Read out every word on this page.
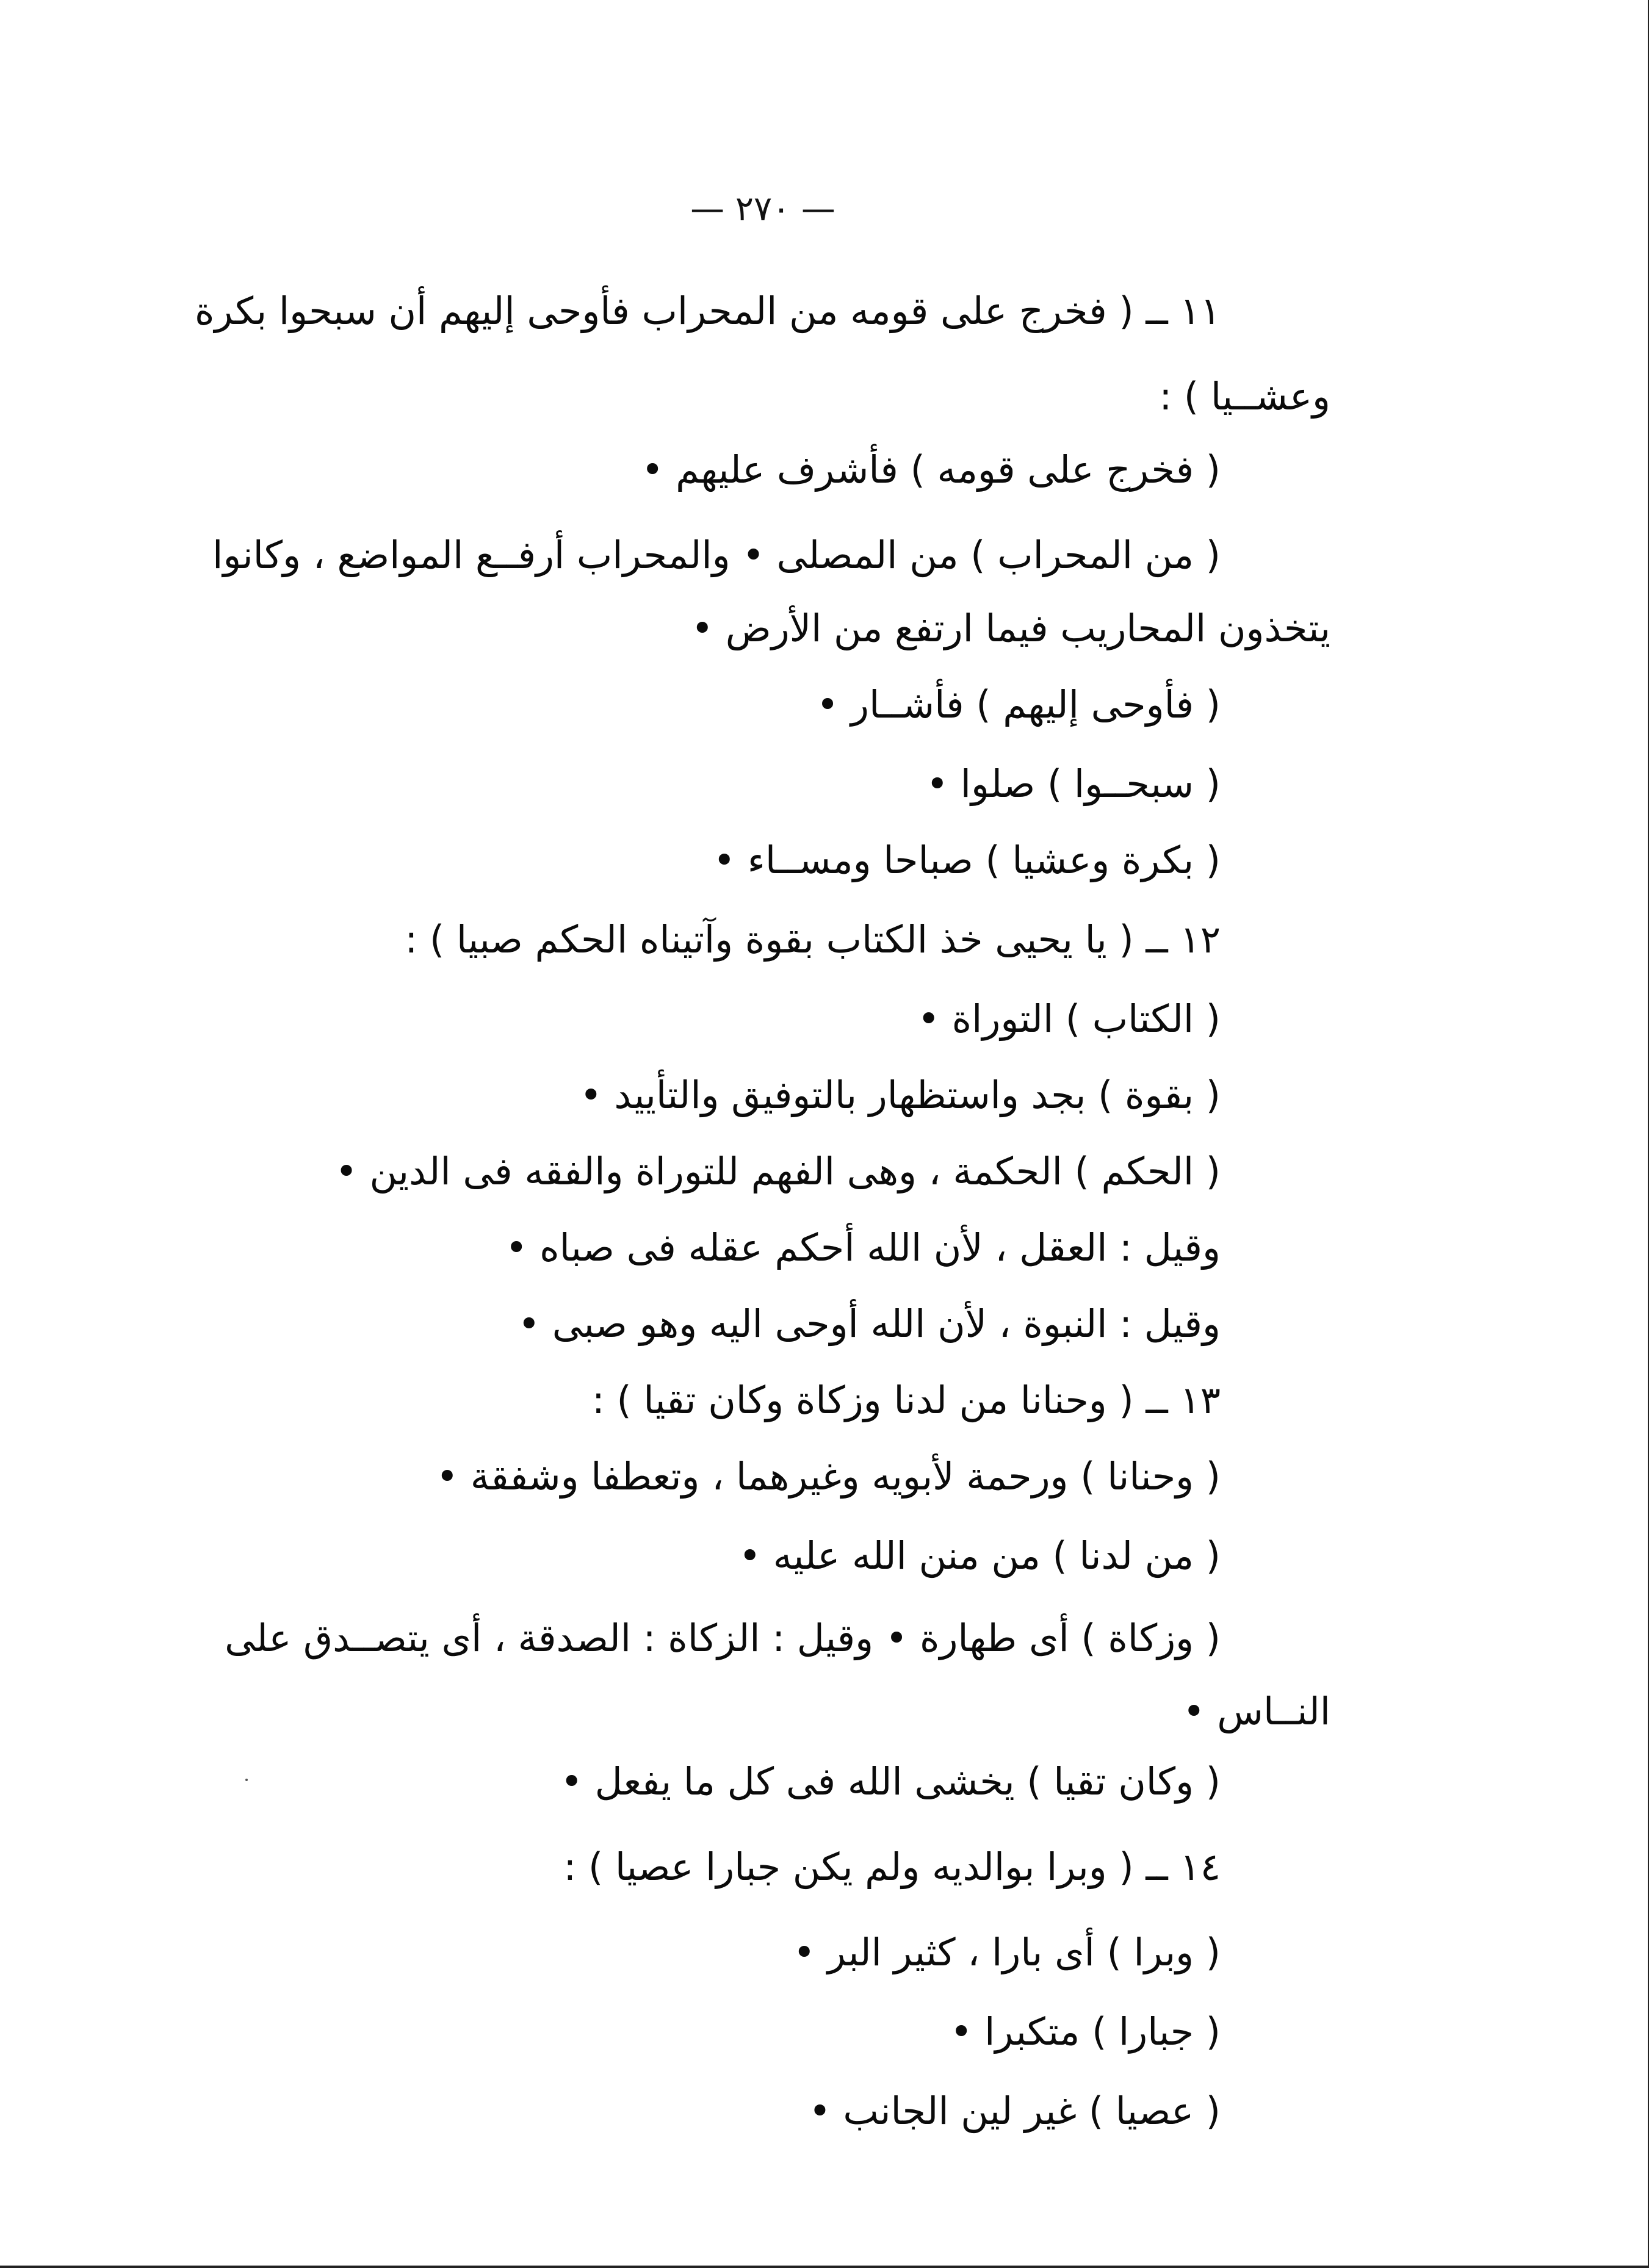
— ٢٧٠ —
١١ ــ ( فخرج على قومه من المحراب فأوحى إليهم أن سبحوا بكرة
وعشــيا ) :
( فخرج على قومه ) فأشرف عليهم •
( من المحراب ) من المصلى • والمحراب أرفــع المواضع ، وكانوا
يتخذون المحاريب فيما ارتفع من الأرض •
( فأوحى إليهم ) فأشــار •
( سبحــوا ) صلوا •
( بكرة وعشيا ) صباحا ومســاء •
١٢ ــ ( يا يحيى خذ الكتاب بقوة وآتيناه الحكم صبيا ) :
( الكتاب ) التوراة •
( بقوة ) بجد واستظهار بالتوفيق والتأييد •
( الحكم ) الحكمة ، وهى الفهم للتوراة والفقه فى الدين •
وقيل : العقل ، لأن الله أحكم عقله فى صباه •
وقيل : النبوة ، لأن الله أوحى اليه وهو صبى •
١٣ ــ ( وحنانا من لدنا وزكاة وكان تقيا ) :
( وحنانا ) ورحمة لأبويه وغيرهما ، وتعطفا وشفقة •
( من لدنا ) من منن الله عليه •
( وزكاة ) أى طهارة • وقيل : الزكاة : الصدقة ، أى يتصــدق على
النــاس •
( وكان تقيا ) يخشى الله فى كل ما يفعل •
١٤ ــ ( وبرا بوالديه ولم يكن جبارا عصيا ) :
( وبرا ) أى بارا ، كثير البر •
( جبارا ) متكبرا •
( عصيا ) غير لين الجانب •
